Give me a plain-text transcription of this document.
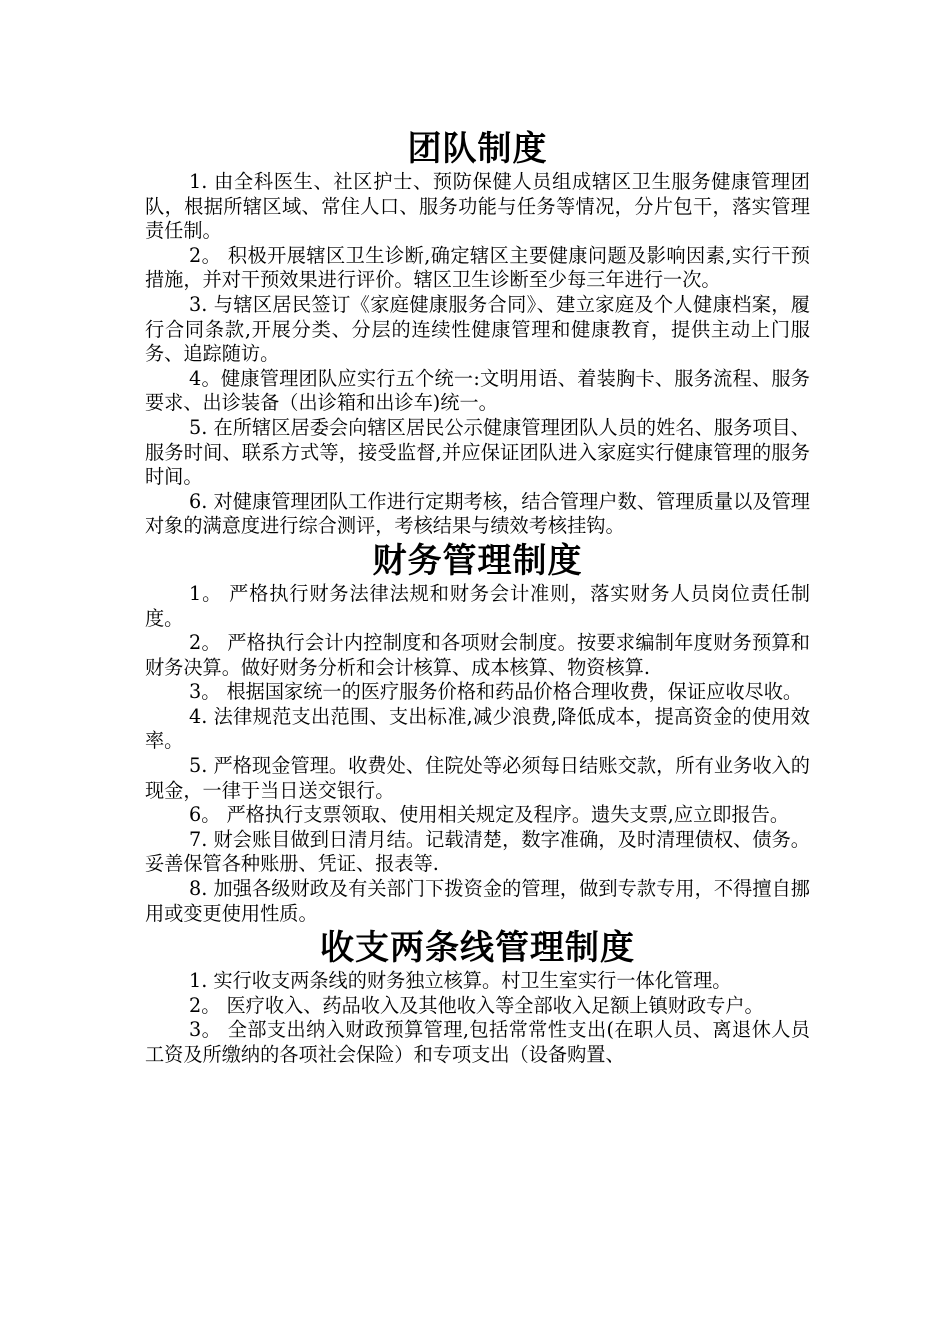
团队制度

1. 由全科医生、社区护士、预防保健人员组成辖区卫生服务健康管理团队，根据所辖区域、常住人口、服务功能与任务等情况，分片包干，落实管理责任制。

2。 积极开展辖区卫生诊断,确定辖区主要健康问题及影响因素,实行干预措施，并对干预效果进行评价。辖区卫生诊断至少每三年进行一次。

3. 与辖区居民签订《家庭健康服务合同》、建立家庭及个人健康档案，履行合同条款,开展分类、分层的连续性健康管理和健康教育，提供主动上门服务、追踪随访。

4。健康管理团队应实行五个统一:文明用语、着装胸卡、服务流程、服务要求、出诊装备（出诊箱和出诊车)统一。

5. 在所辖区居委会向辖区居民公示健康管理团队人员的姓名、服务项目、服务时间、联系方式等，接受监督,并应保证团队进入家庭实行健康管理的服务时间。

6. 对健康管理团队工作进行定期考核，结合管理户数、管理质量以及管理对象的满意度进行综合测评，考核结果与绩效考核挂钩。

财务管理制度

1。 严格执行财务法律法规和财务会计准则，落实财务人员岗位责任制度。

2。 严格执行会计内控制度和各项财会制度。按要求编制年度财务预算和财务决算。做好财务分析和会计核算、成本核算、物资核算.

3。 根据国家统一的医疗服务价格和药品价格合理收费，保证应收尽收。

4. 法律规范支出范围、支出标准,减少浪费,降低成本，提高资金的使用效率。

5. 严格现金管理。收费处、住院处等必须每日结账交款，所有业务收入的现金，一律于当日送交银行。

6。 严格执行支票领取、使用相关规定及程序。遗失支票,应立即报告。

7. 财会账目做到日清月结。记载清楚，数字准确，及时清理债权、债务。妥善保管各种账册、凭证、报表等.

8. 加强各级财政及有关部门下拨资金的管理，做到专款专用，不得擅自挪用或变更使用性质。

收支两条线管理制度

1. 实行收支两条线的财务独立核算。村卫生室实行一体化管理。

2。 医疗收入、药品收入及其他收入等全部收入足额上镇财政专户。

3。 全部支出纳入财政预算管理,包括常常性支出(在职人员、离退休人员工资及所缴纳的各项社会保险）和专项支出（设备购置、
